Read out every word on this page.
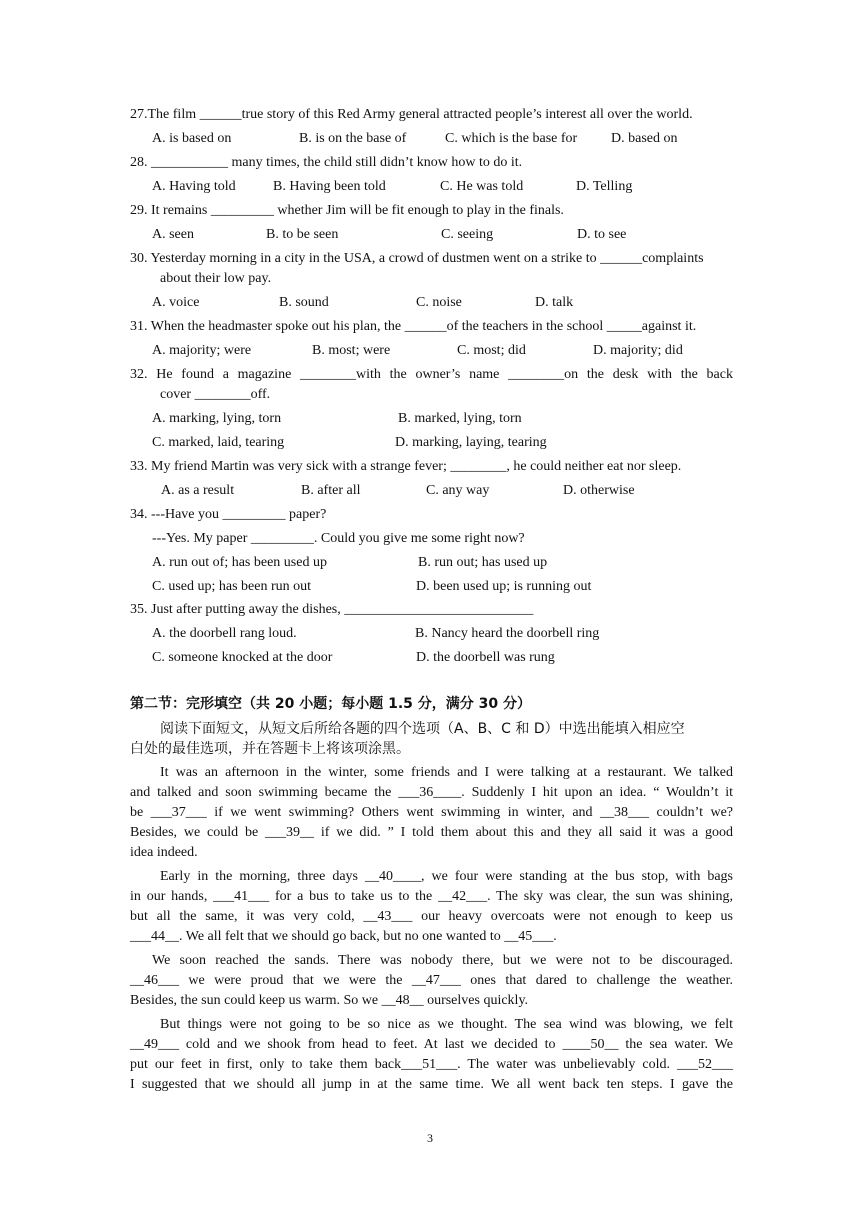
27.The film ______true story of this Red Army general attracted people’s interest all over the world.
A. is based on	B. is on the base of	C. which is the base for D. based on
28. ___________ many times, the child still didn’t know how to do it.
A. Having told	B. Having been told	C. He was told	D. Telling
29. It remains _________ whether Jim will be fit enough to play in the finals.
A. seen	B. to be seen	C. seeing	D. to see
30. Yesterday morning in a city in the USA, a crowd of dustmen went on a strike to ______complaints
about their low pay.
A. voice	B. sound	C. noise	D. talk
31. When the headmaster spoke out his plan, the ______of the teachers in the school _____against it.
A. majority; were	B. most; were	C. most; did	D. majority; did
32. He found a magazine ________with the owner’s name ________on the desk with the back
cover ________off.
A. marking, lying, torn	B. marked, lying, torn
C. marked, laid, tearing	D. marking, laying, tearing
33. My friend Martin was very sick with a strange fever; ________, he could neither eat nor sleep.
A. as a result	B. after all	C. any way	D. otherwise
34. ---Have you _________ paper?
---Yes. My paper _________. Could you give me some right now?
A. run out of; has been used up	B. run out; has used up
C. used up; has been run out	D. been used up; is running out
35. Just after putting away the dishes, ___________________________
A. the doorbell rang loud.	B. Nancy heard the doorbell ring
C. someone knocked at the door	D. the doorbell was rung
第二节：完形填空（共 20 小题；每小题 1.5 分，满分 30 分）
阅读下面短文，从短文后所给各题的四个选项（A、B、C 和 D）中选出能填入相应空
白处的最佳选项，并在答题卡上将该项涂黑。
It was an afternoon in the winter, some friends and I were talking at a restaurant. We talked
and talked and soon swimming became the ___36____. Suddenly I hit upon an idea. “ Wouldn’t it
be ___37___ if we went swimming? Others went swimming in winter, and __38___ couldn’t we?
Besides, we could be ___39__ if we did. ” I told them about this and they all said it was a good
idea indeed.
Early in the morning, three days __40____, we four were standing at the bus stop, with bags
in our hands, ___41___ for a bus to take us to the __42___. The sky was clear, the sun was shining,
but all the same, it was very cold, __43___ our heavy overcoats were not enough to keep us
___44__. We all felt that we should go back, but no one wanted to __45___.
We soon reached the sands. There was nobody there, but we were not to be discouraged.
__46___ we were proud that we were the __47___ ones that dared to challenge the weather.
Besides, the sun could keep us warm. So we __48__ ourselves quickly.
But things were not going to be so nice as we thought. The sea wind was blowing, we felt
__49___ cold and we shook from head to feet. At last we decided to ____50__ the sea water. We
put our feet in first, only to take them back___51___. The water was unbelievably cold. ___52___
I suggested that we should all jump in at the same time. We all went back ten steps. I gave the
3
